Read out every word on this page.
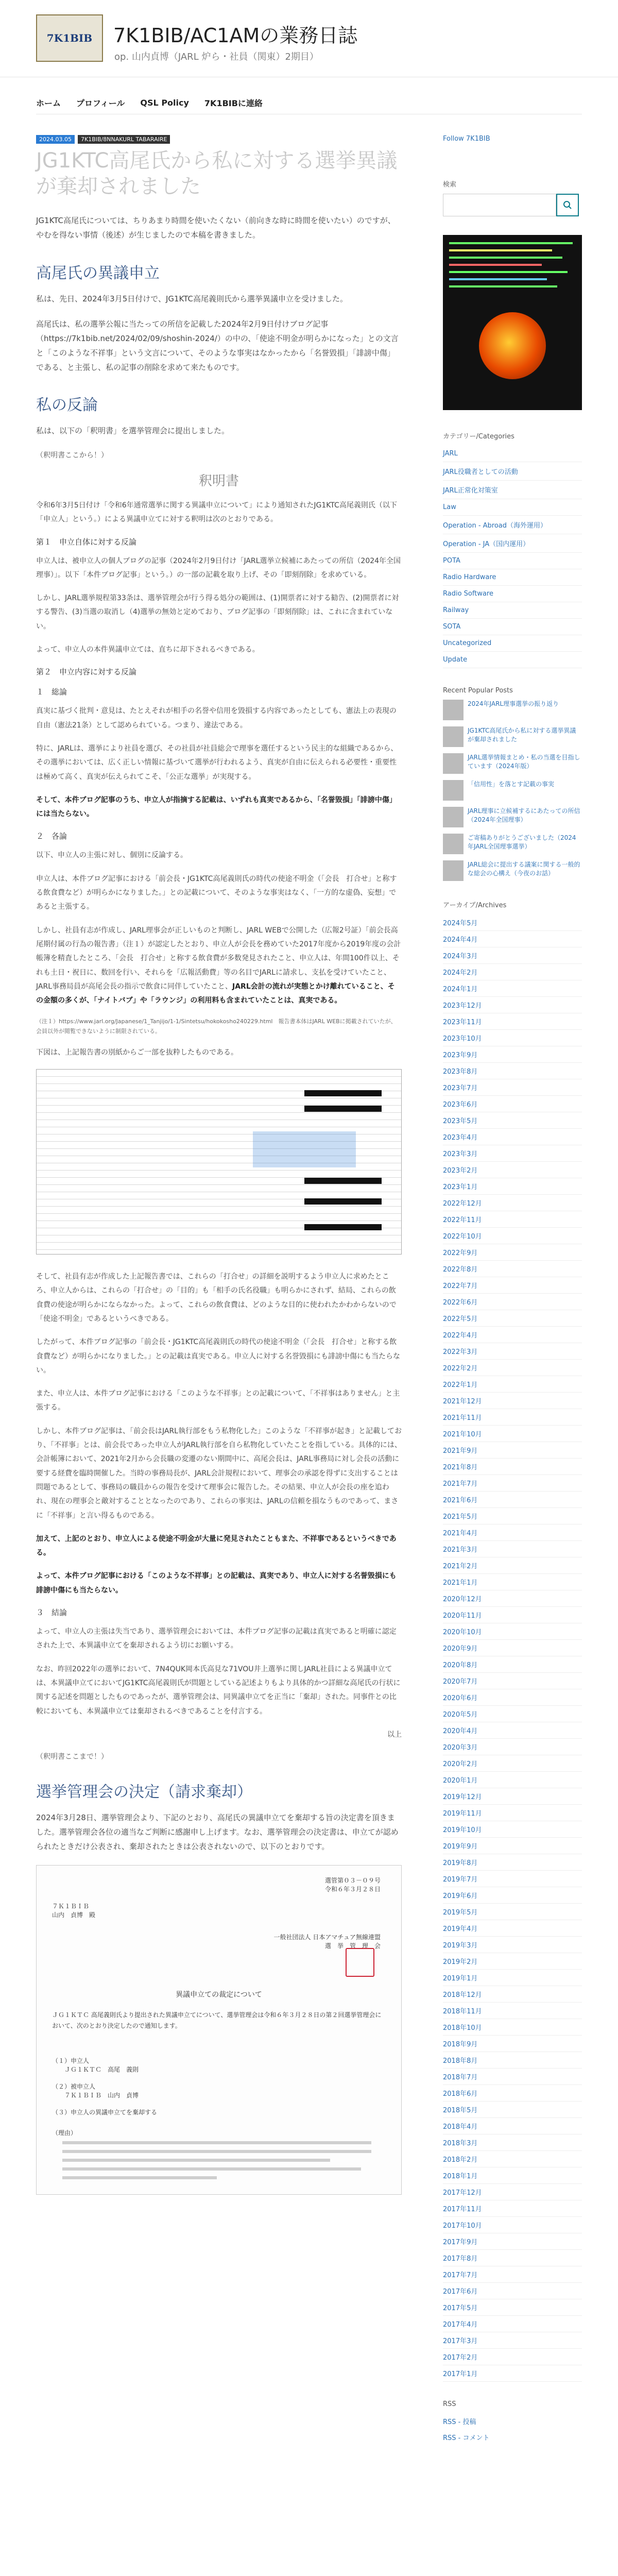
7K1BIB 7K1BIB/AC1AMの業務日誌
op. 山内貞博（JARL 炉ら・社員（関東）2期目）
ホーム プロフィール QSL Policy 7K1BIBに連絡
2024.03.05	7K1BIB/8NNAKURL TABARAIRE
JG1KTC高尾氏から私に対する選挙異議が棄却されました

JG1KTC高尾氏については、ちりあまり時間を使いたくない（前向きな時に時間を使いたい）のですが、やむを得ない事情（後述）が生じましたので本稿を書きました。

高尾氏の異議申立

私は、先日、2024年3月5日付けで、JG1KTC高尾義則氏から選挙異議申立を受けました。

高尾氏は、私の選挙公報に当たっての所信を記載した2024年2月9日付けブログ記事（https://7k1bib.net/2024/02/09/shoshin-2024/）の中の、「使途不明金が明らかになった」との文言と「このような不祥事」という文言について、そのような事実はなかったから「名誉毀損」「誹謗中傷」である、と主張し、私の記事の削除を求めて来たものです。

私の反論

私は、以下の「釈明書」を選挙管理会に提出しました。

（釈明書ここから！）

釈明書

令和6年3月5日付け「令和6年通常選挙に関する異議申立について」により通知されたJG1KTC高尾義則氏（以下「申立人」という。）による異議申立てに対する釈明は次のとおりである。

第１　申立自体に対する反論

申立人は、被申立人の個人ブログの記事（2024年2月9日付け「JARL選挙立候補にあたっての所信（2024年全国理事）」。以下「本件ブログ記事」という。）の一部の記載を取り上げ、その「即刻削除」を求めている。

しかし、JARL選挙規程第33条は、選挙管理会が行う得る処分の範囲は、(1)開票者に対する勧告、(2)開票者に対する警告、(3)当選の取消し（4)選挙の無効と定めており、ブログ記事の「即刻削除」は、これに含まれていない。

よって、申立人の本件異議申立ては、直ちに却下されるべきである。

第２　申立内容に対する反論
１　総論

真実に基づく批判・意見は、たとえそれが相手の名誉や信用を毀損する内容であったとしても、憲法上の表現の自由（憲法21条）として認められている。つまり、違法である。

特に、JARLは、選挙により社員を選び、その社員が社員総会で理事を選任するという民主的な組織であるから、その選挙においては、広く正しい情報に基づいて選挙が行われるよう、真実が自由に伝えられる必要性・重要性は極めて高く、真実が伝えられてこそ、「公正な選挙」が実現する。

そして、本件ブログ記事のうち、申立人が指摘する記載は、いずれも真実であるから、「名誉毀損」「誹謗中傷」には当たらない。

２　各論

以下、申立人の主張に対し、個別に反論する。

申立人は、本件ブログ記事における「前会長・JG1KTC高尾義則氏の時代の使途不明金（「会長　打合せ」と称する飲食費など）が明らかになりました。」との記載について、そのような事実はなく、「一方的な虚偽、妄想」であると主張する。

しかし、社員有志が作成し、JARL理事会が正しいものと判断し、JARL WEBで公開した（広報2号証）「前会長高尾期付属の行為の報告書」（注１）が認定したとおり、申立人が会長を務めていた2017年度から2019年度の会計帳簿を精査したところ、「会長　打合せ」と称する飲食費が多数発見されたこと、申立人は、年間100件以上、それも土日・祝日に、数回を行い、それらを「広報活動費」等の名目でJARLに請求し、支払を受けていたこと、JARL事務局員が高尾会長の指示で飲食に同伴していたこと、JARL会計の流れが実態とかけ離れていること、その金額の多くが、「ナイトバブ」や「ラウンジ」の利用料も含まれていたことは、真実である。

（注１）https://www.jarl.org/Japanese/1_Tanjijo/1-1/Sintetsu/hokokosho240229.html　報告書本体はJARL WEBに掲載されていたが、会員以外が閲覧できないように制限されている。

下図は、上記報告書の別紙からご一部を抜粋したものである。

そして、社員有志が作成した上記報告書では、これらの「打合せ」の詳細を説明するよう申立人に求めたところ、申立人からは、これらの「打合せ」の「目的」も「相手の氏名役職」も明らかにされず、結局、これらの飲食費の使途が明らかにならなかった。よって、これらの飲食費は、どのような目的に使われたかわからないので「使途不明金」であるというべきである。

したがって、本件ブログ記事の「前会長・JG1KTC高尾義則氏の時代の使途不明金（「会長　打合せ」と称する飲食費など）が明らかになりました。」との記載は真実である。申立人に対する名誉毀損にも誹謗中傷にも当たらない。

また、申立人は、本件ブログ記事における「このような不祥事」との記載について、「不祥事はありません」と主張する。

しかし、本件ブログ記事は、「前会長はJARL執行部をもう私物化した」このような「不祥事が起き」と記載しており、「不祥事」とは、前会長であった申立人がJARL執行部を自ら私物化していたことを指している。具体的には、会計帳簿において、2021年2月から会長職の変遷のない期間中に、高尾会長は、JARL事務局に対し会長の活動に要する経費を臨時開催した。当時の事務局長が、JARL会計規程において、理事会の承認を得ずに支出することは問題であるとして、事務局の職員からの報告を受けて理事会に報告した。その結果、申立人が会長の座を追われ、現在の理事会と敵対することとなったのであり、これらの事実は、JARLの信頼を損なうものであって、まさに「不祥事」と言い得るものである。

加えて、上記のとおり、申立人による使途不明金が大量に発見されたこともまた、不祥事であるというべきである。

よって、本件ブログ記事における「このような不祥事」との記載は、真実であり、申立人に対する名誉毀損にも誹謗中傷にも当たらない。

３　結論

よって、申立人の主張は失当であり、選挙管理会においては、本件ブログ記事の記載は真実であると明確に認定された上で、本異議申立てを棄却されるよう切にお願いする。

なお、昨回2022年の選挙において、7N4QUK岡本氏高見な71VOU井上選挙に関しJARL社員による異議申立ては、本異議申立てにおいてJG1KTC高尾義則氏が問題としている記述よりもより具体的かつ詳細な高尾氏の行状に関する記述を問題としたものであったが、選挙管理会は、同異議申立てを正当に「棄却」された。同事件との比較においても、本異議申立ては棄却されるべきであることを付言する。

以上

（釈明書ここまで！）

選挙管理会の決定（請求棄却）

2024年3月28日、選挙管理会より、下記のとおり、高尾氏の異議申立てを棄却する旨の決定書を頂きました。選挙管理会各位の適当なご判断に感謝申し上げます。なお、選挙管理会の決定書は、申立てが認められたときだけ公表され、棄却されたときは公表されないので、以下のとおりです。

選管第０３－０９号
令和６年３月２８日
７Ｋ１ＢＩＢ
山内　貞博　殿
一般社団法人 日本アマチュア無線連盟
選　挙　管　理　会
異議申立ての裁定について
ＪＧ１ＫＴＣ 高尾義則氏より提出された異議申立てについて、選挙管理会は令和６年３月２８日の第２回選挙管理会において、次のとおり決定したので通知します。
（１）申立人
　　ＪＧ１ＫＴＣ　高尾　義則
（２）被申立人
　　７Ｋ１ＢＩＢ　山内　貞博
（３）申立人の異議申立てを棄却する
（理由）
Follow 7K1BIB
検索
カテゴリー/Categories
JARL
JARL役職者としての活動
JARL正常化対策室
Law
Operation - Abroad（海外運用）
Operation - JA（国内運用）
POTA
Radio Hardware
Radio Software
Railway
SOTA
Uncategorized
Update
Recent Popular Posts
2024年JARL理事選挙の振り返り
JG1KTC高尾氏から私に対する選挙異議が棄却されました
JARL選挙情報まとめ・私の当選を目指しています（2024年版）
「信用性」を落とす記載の事実
JARL理事に立候補するにあたっての所信（2024年全国理事）
ご寄稿ありがとうございました（2024年JARL全国理事選挙）
JARL総会に提出する議案に関する一般的な総会の心構え（今夜のお話）
アーカイブ/Archives
2024年5月
2024年4月
2024年3月
2024年2月
2024年1月
2023年12月
2023年11月
2023年10月
2023年9月
2023年8月
2023年7月
2023年6月
2023年5月
2023年4月
2023年3月
2023年2月
2023年1月
2022年12月
2022年11月
2022年10月
2022年9月
2022年8月
2022年7月
2022年6月
2022年5月
2022年4月
2022年3月
2022年2月
2022年1月
2021年12月
2021年11月
2021年10月
2021年9月
2021年8月
2021年7月
2021年6月
2021年5月
2021年4月
2021年3月
2021年2月
2021年1月
2020年12月
2020年11月
2020年10月
2020年9月
2020年8月
2020年7月
2020年6月
2020年5月
2020年4月
2020年3月
2020年2月
2020年1月
2019年12月
2019年11月
2019年10月
2019年9月
2019年8月
2019年7月
2019年6月
2019年5月
2019年4月
2019年3月
2019年2月
2019年1月
2018年12月
2018年11月
2018年10月
2018年9月
2018年8月
2018年7月
2018年6月
2018年5月
2018年4月
2018年3月
2018年2月
2018年1月
2017年12月
2017年11月
2017年10月
2017年9月
2017年8月
2017年7月
2017年6月
2017年5月
2017年4月
2017年3月
2017年2月
2017年1月
RSS
RSS - 投稿
RSS - コメント
